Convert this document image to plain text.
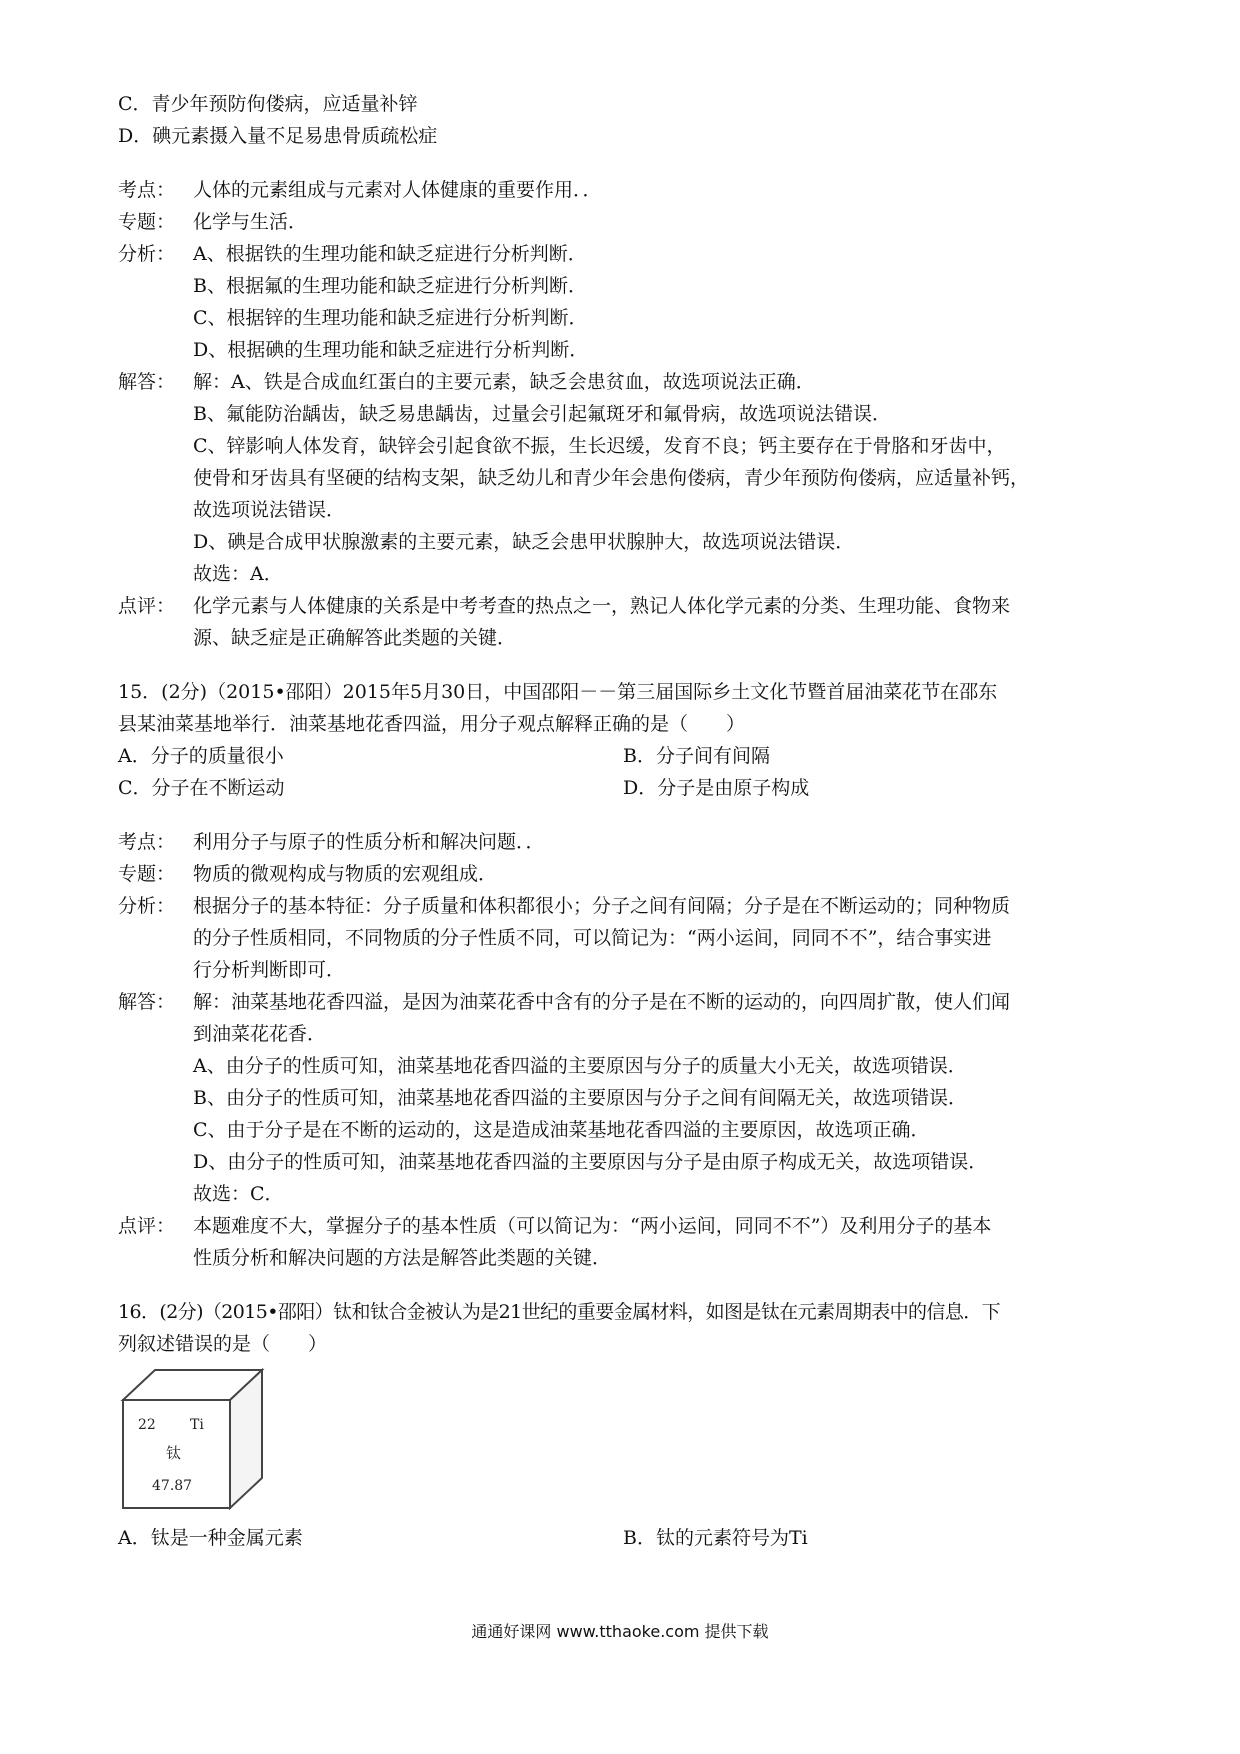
C．青少年预防佝偻病，应适量补锌
D．碘元素摄入量不足易患骨质疏松症
考点： 人体的元素组成与元素对人体健康的重要作用．．
专题： 化学与生活．
分析： A、根据铁的生理功能和缺乏症进行分析判断．
B、根据氟的生理功能和缺乏症进行分析判断．
C、根据锌的生理功能和缺乏症进行分析判断．
D、根据碘的生理功能和缺乏症进行分析判断．
解答： 解：A、铁是合成血红蛋白的主要元素，缺乏会患贫血，故选项说法正确．
B、氟能防治龋齿，缺乏易患龋齿，过量会引起氟斑牙和氟骨病，故选项说法错误．
C、锌影响人体发育，缺锌会引起食欲不振，生长迟缓，发育不良；钙主要存在于骨胳和牙齿中，
使骨和牙齿具有坚硬的结构支架，缺乏幼儿和青少年会患佝偻病，青少年预防佝偻病，应适量补钙，
故选项说法错误．
D、碘是合成甲状腺激素的主要元素，缺乏会患甲状腺肿大，故选项说法错误．
故选：A．
点评： 化学元素与人体健康的关系是中考考查的热点之一，熟记人体化学元素的分类、生理功能、食物来
源、缺乏症是正确解答此类题的关键．
15．(2分)（2015•邵阳）2015年5月30日，中国邵阳－－第三届国际乡土文化节暨首届油菜花节在邵东
县某油菜基地举行．油菜基地花香四溢，用分子观点解释正确的是（　　）
A．分子的质量很小	B．分子间有间隔
C．分子在不断运动	D．分子是由原子构成
考点： 利用分子与原子的性质分析和解决问题．．
专题： 物质的微观构成与物质的宏观组成．
分析： 根据分子的基本特征：分子质量和体积都很小；分子之间有间隔；分子是在不断运动的；同种物质
的分子性质相同，不同物质的分子性质不同，可以简记为：“两小运间，同同不不”，结合事实进
行分析判断即可．
解答： 解：油菜基地花香四溢，是因为油菜花香中含有的分子是在不断的运动的，向四周扩散，使人们闻
到油菜花花香．
A、由分子的性质可知，油菜基地花香四溢的主要原因与分子的质量大小无关，故选项错误．
B、由分子的性质可知，油菜基地花香四溢的主要原因与分子之间有间隔无关，故选项错误．
C、由于分子是在不断的运动的，这是造成油菜基地花香四溢的主要原因，故选项正确．
D、由分子的性质可知，油菜基地花香四溢的主要原因与分子是由原子构成无关，故选项错误．
故选：C．
点评： 本题难度不大，掌握分子的基本性质（可以简记为：“两小运间，同同不不”）及利用分子的基本
性质分析和解决问题的方法是解答此类题的关键．
16．(2分)（2015•邵阳）钛和钛合金被认为是21世纪的重要金属材料，如图是钛在元素周期表中的信息．下
列叙述错误的是（　　）
22 Ti
钛
47.87
A．钛是一种金属元素	B．钛的元素符号为Ti
通通好课网 www.tthaoke.com 提供下载
